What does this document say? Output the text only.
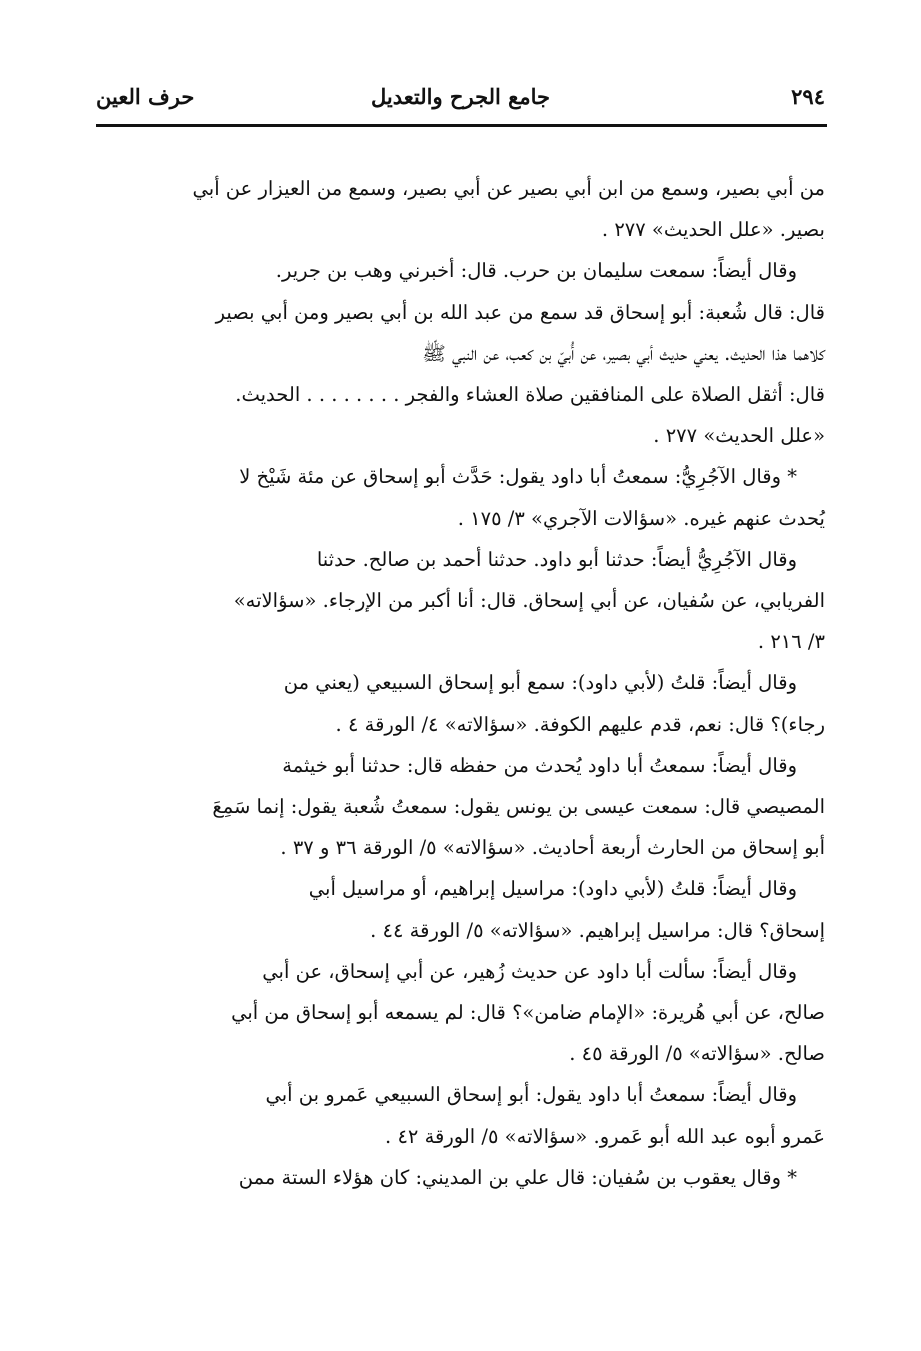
٢٩٤
جامع الجرح والتعديل
حرف العين
من أبي بصير، وسمع من ابن أبي بصير عن أبي بصير، وسمع من العيزار عن أبي
بصير. «علل الحديث» ٢٧٧ .
وقال أيضاً: سمعت سليمان بن حرب. قال: أخبرني وهب بن جرير.
قال: قال شُعبة: أبو إسحاق قد سمع من عبد الله بن أبي بصير ومن أبي بصير
كلاهما هذا الحديث. يعني حديث أبي بصير، عن أُبيّ بن كعب، عن النبي ﷺ
قال: أثقل الصلاة على المنافقين صلاة العشاء والفجر . . . . . . . . الحديث.
«علل الحديث» ٢٧٧ .
* وقال الآجُرِيُّ: سمعتُ أبا داود يقول: حَدَّث أبو إسحاق عن مئة شَيْخ لا
يُحدث عنهم غيره. «سؤالات الآجري» ٣/ ١٧٥ .
وقال الآجُرِيُّ أيضاً: حدثنا أبو داود. حدثنا أحمد بن صالح. حدثنا
الفريابي، عن سُفيان، عن أبي إسحاق. قال: أنا أكبر من الإرجاء. «سؤالاته»
٣/ ٢١٦ .
وقال أيضاً: قلتُ (لأبي داود): سمع أبو إسحاق السبيعي (يعني من
رجاء)؟ قال: نعم، قدم عليهم الكوفة. «سؤالاته» ٤/ الورقة ٤ .
وقال أيضاً: سمعتُ أبا داود يُحدث من حفظه قال: حدثنا أبو خيثمة
المصيصي قال: سمعت عيسى بن يونس يقول: سمعتُ شُعبة يقول: إنما سَمِعَ
أبو إسحاق من الحارث أربعة أحاديث. «سؤالاته» ٥/ الورقة ٣٦ و ٣٧ .
وقال أيضاً: قلتُ (لأبي داود): مراسيل إبراهيم، أو مراسيل أبي
إسحاق؟ قال: مراسيل إبراهيم. «سؤالاته» ٥/ الورقة ٤٤ .
وقال أيضاً: سألت أبا داود عن حديث زُهير، عن أبي إسحاق، عن أبي
صالح، عن أبي هُريرة: «الإمام ضامن»؟ قال: لم يسمعه أبو إسحاق من أبي
صالح. «سؤالاته» ٥/ الورقة ٤٥ .
وقال أيضاً: سمعتُ أبا داود يقول: أبو إسحاق السبيعي عَمرو بن أبي
عَمرو أبوه عبد الله أبو عَمرو. «سؤالاته» ٥/ الورقة ٤٢ .
* وقال يعقوب بن سُفيان: قال علي بن المديني: كان هؤلاء الستة ممن
